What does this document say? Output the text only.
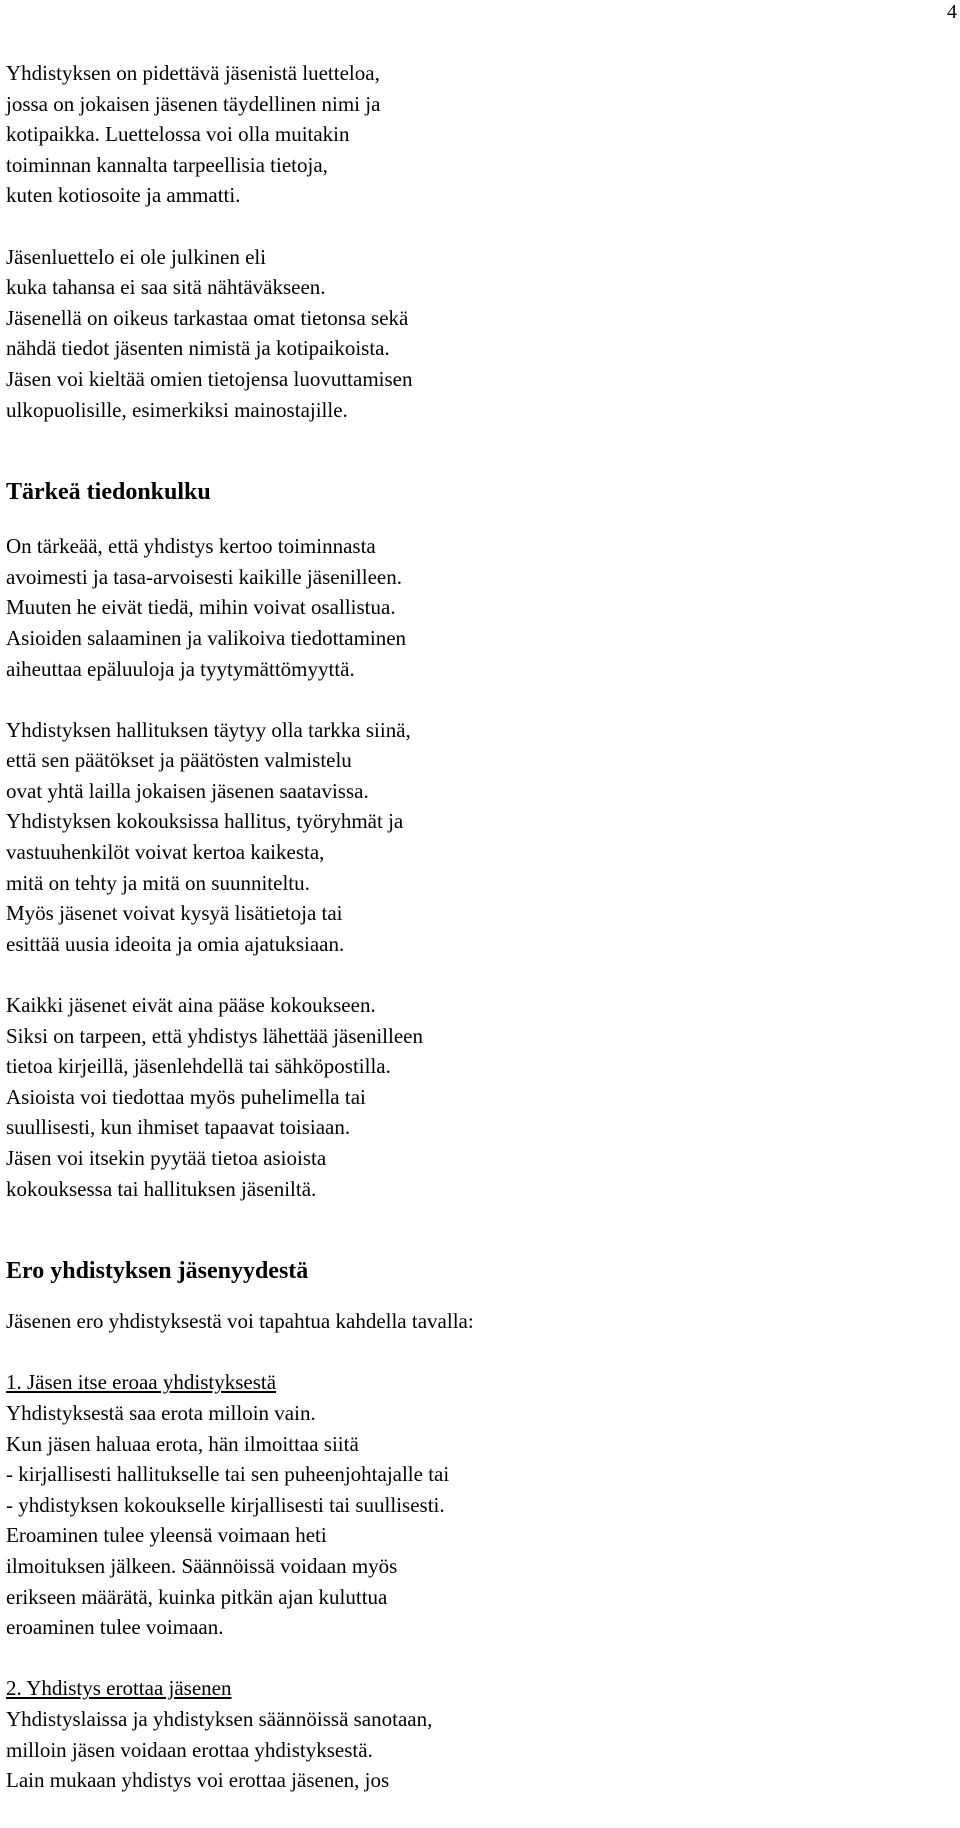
4

Yhdistyksen on pidettävä jäsenistä luetteloa,
jossa on jokaisen jäsenen täydellinen nimi ja
kotipaikka. Luettelossa voi olla muitakin
toiminnan kannalta tarpeellisia tietoja,
kuten kotiosoite ja ammatti.

Jäsenluettelo ei ole julkinen eli
kuka tahansa ei saa sitä nähtäväkseen.
Jäsenellä on oikeus tarkastaa omat tietonsa sekä
nähdä tiedot jäsenten nimistä ja kotipaikoista.
Jäsen voi kieltää omien tietojensa luovuttamisen
ulkopuolisille, esimerkiksi mainostajille.

Tärkeä tiedonkulku

On tärkeää, että yhdistys kertoo toiminnasta
avoimesti ja tasa-arvoisesti kaikille jäsenilleen.
Muuten he eivät tiedä, mihin voivat osallistua.
Asioiden salaaminen ja valikoiva tiedottaminen
aiheuttaa epäluuloja ja tyytymättömyyttä.

Yhdistyksen hallituksen täytyy olla tarkka siinä,
että sen päätökset ja päätösten valmistelu
ovat yhtä lailla jokaisen jäsenen saatavissa.
Yhdistyksen kokouksissa hallitus, työryhmät ja
vastuuhenkilöt voivat kertoa kaikesta,
mitä on tehty ja mitä on suunniteltu.
Myös jäsenet voivat kysyä lisätietoja tai
esittää uusia ideoita ja omia ajatuksiaan.

Kaikki jäsenet eivät aina pääse kokoukseen.
Siksi on tarpeen, että yhdistys lähettää jäsenilleen
tietoa kirjeillä, jäsenlehdellä tai sähköpostilla.
Asioista voi tiedottaa myös puhelimella tai
suullisesti, kun ihmiset tapaavat toisiaan.
Jäsen voi itsekin pyytää tietoa asioista
kokouksessa tai hallituksen jäseniltä.

Ero yhdistyksen jäsenyydestä

Jäsenen ero yhdistyksestä voi tapahtua kahdella tavalla:

1. Jäsen itse eroaa yhdistyksestä
Yhdistyksestä saa erota milloin vain.
Kun jäsen haluaa erota, hän ilmoittaa siitä
- kirjallisesti hallitukselle tai sen puheenjohtajalle tai
- yhdistyksen kokoukselle kirjallisesti tai suullisesti.
Eroaminen tulee yleensä voimaan heti
ilmoituksen jälkeen. Säännöissä voidaan myös
erikseen määrätä, kuinka pitkän ajan kuluttua
eroaminen tulee voimaan.

2. Yhdistys erottaa jäsenen
Yhdistyslaissa ja yhdistyksen säännöissä sanotaan,
milloin jäsen voidaan erottaa yhdistyksestä.
Lain mukaan yhdistys voi erottaa jäsenen, jos
